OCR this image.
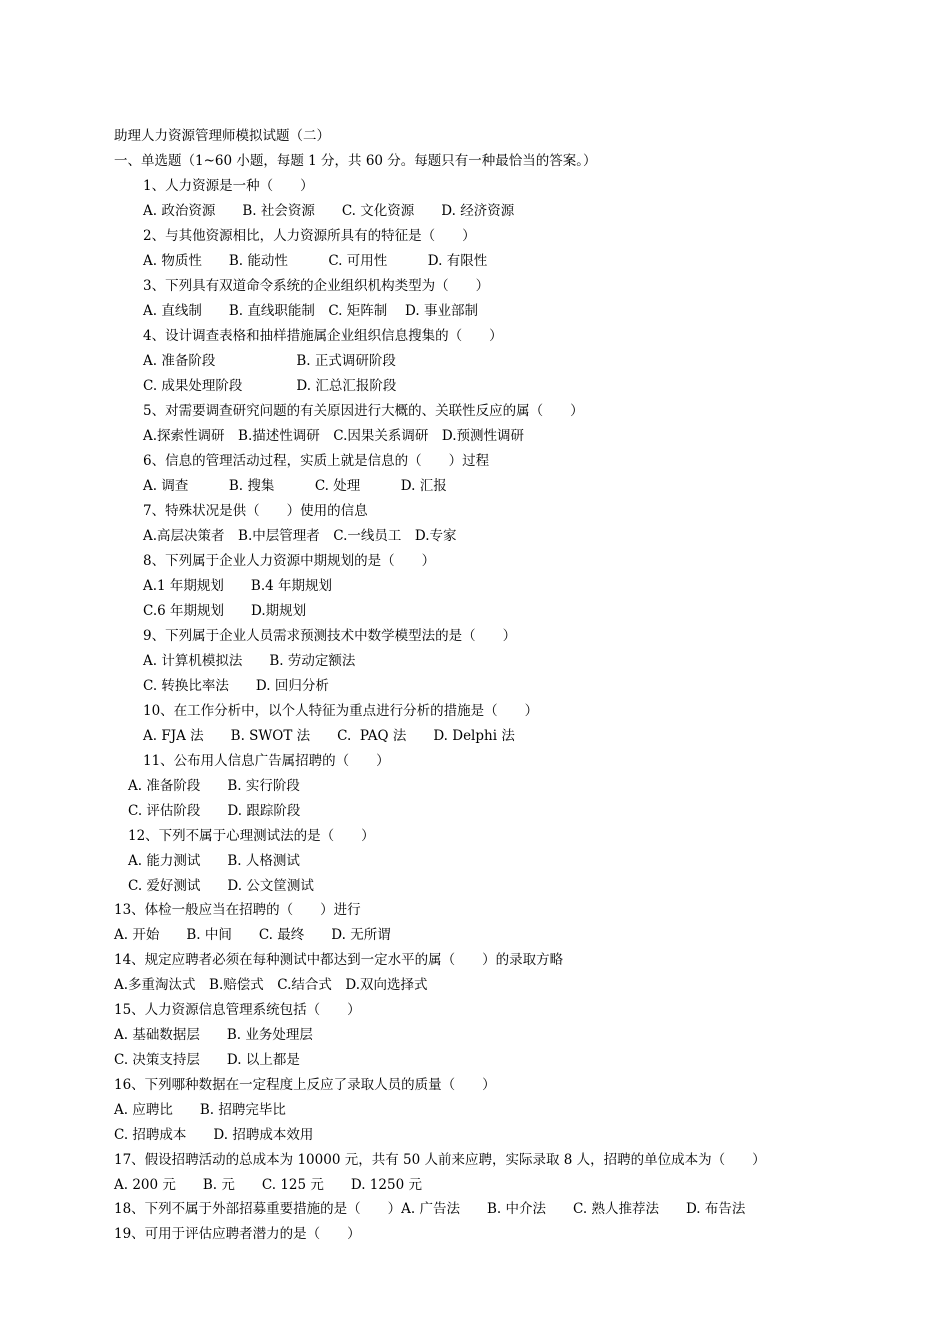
助理人力资源管理师模拟试题（二）
一、单选题（1~60 小题，每题 1 分，共 60 分。每题只有一种最恰当的答案。）
1、人力资源是一种（　　）
A. 政治资源　　B. 社会资源　　C. 文化资源　　D. 经济资源
2、与其他资源相比，人力资源所具有的特征是（　　）
A. 物质性　　B. 能动性　　　C. 可用性　　　D. 有限性
3、下列具有双道命令系统的企业组织机构类型为（　　）
A. 直线制　　B. 直线职能制　C. 矩阵制　 D. 事业部制
4、设计调查表格和抽样措施属企业组织信息搜集的（　　）
A. 准备阶段　　　　　　B. 正式调研阶段
C. 成果处理阶段　　　　D. 汇总汇报阶段
5、对需要调查研究问题的有关原因进行大概的、关联性反应的属（　　）
A.探索性调研　B.描述性调研　C.因果关系调研　D.预测性调研
6、信息的管理活动过程，实质上就是信息的（　　）过程
A. 调查　　　B. 搜集　　　C. 处理　　　D. 汇报
7、特殊状况是供（　　）使用的信息
A.高层决策者　B.中层管理者　C.一线员工　D.专家
8、下列属于企业人力资源中期规划的是（　　）
A.1 年期规划　　B.4 年期规划
C.6 年期规划　　D.期规划
9、下列属于企业人员需求预测技术中数学模型法的是（　　）
A. 计算机模拟法　　B. 劳动定额法
C. 转换比率法　　D. 回归分析
10、在工作分析中，以个人特征为重点进行分析的措施是（　　）
A. FJA 法　　B. SWOT 法　　C.  PAQ 法　　D. Delphi 法
11、公布用人信息广告属招聘的（　　）
A. 准备阶段　　B. 实行阶段
C. 评估阶段　　D. 跟踪阶段
12、下列不属于心理测试法的是（　　）
A. 能力测试　　B. 人格测试
C. 爱好测试　　D. 公文筐测试
13、体检一般应当在招聘的（　　）进行
A. 开始　　B. 中间　　C. 最终　　D. 无所谓
14、规定应聘者必须在每种测试中都达到一定水平的属（　　）的录取方略
A.多重淘汰式　B.赔偿式　C.结合式　D.双向选择式
15、人力资源信息管理系统包括（　　）
A. 基础数据层　　B. 业务处理层
C. 决策支持层　　D. 以上都是
16、下列哪种数据在一定程度上反应了录取人员的质量（　　）
A. 应聘比　　B. 招聘完毕比
C. 招聘成本　　D. 招聘成本效用
17、假设招聘活动的总成本为 10000 元，共有 50 人前来应聘，实际录取 8 人，招聘的单位成本为（　　）
A. 200 元　　B. 元　　C. 125 元　　D. 1250 元
18、下列不属于外部招募重要措施的是（　　）A. 广告法　　B. 中介法　　C. 熟人推荐法　　D. 布告法
19、可用于评估应聘者潜力的是（　　）
